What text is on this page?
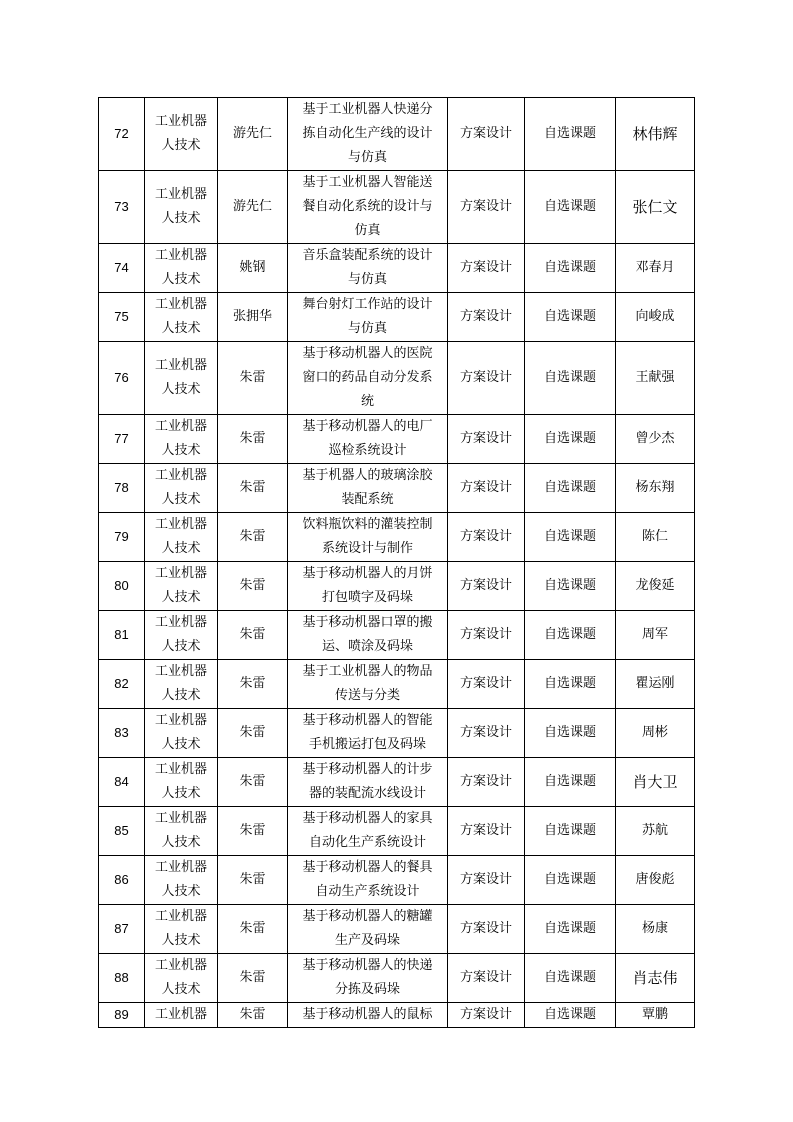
72	工业机器
人技术	游先仁	基于工业机器人快递分
拣自动化生产线的设计
与仿真	方案设计	自选课题	林伟辉

73	工业机器
人技术	游先仁	基于工业机器人智能送
餐自动化系统的设计与
仿真	方案设计	自选课题	张仁文

74	工业机器
人技术	姚钢	音乐盒装配系统的设计
与仿真	方案设计	自选课题	邓春月

75	工业机器
人技术	张拥华	舞台射灯工作站的设计
与仿真	方案设计	自选课题	向峻成

76	工业机器
人技术	朱雷	基于移动机器人的医院
窗口的药品自动分发系
统	方案设计	自选课题	王献强

77	工业机器
人技术	朱雷	基于移动机器人的电厂
巡检系统设计	方案设计	自选课题	曾少杰

78	工业机器
人技术	朱雷	基于机器人的玻璃涂胶
装配系统	方案设计	自选课题	杨东翔

79	工业机器
人技术	朱雷	饮料瓶饮料的灌装控制
系统设计与制作	方案设计	自选课题	陈仁

80	工业机器
人技术	朱雷	基于移动机器人的月饼
打包喷字及码垛	方案设计	自选课题	龙俊延

81	工业机器
人技术	朱雷	基于移动机器口罩的搬
运、喷涂及码垛	方案设计	自选课题	周军

82	工业机器
人技术	朱雷	基于工业机器人的物品
传送与分类	方案设计	自选课题	瞿运刚

83	工业机器
人技术	朱雷	基于移动机器人的智能
手机搬运打包及码垛	方案设计	自选课题	周彬

84	工业机器
人技术	朱雷	基于移动机器人的计步
器的装配流水线设计	方案设计	自选课题	肖大卫

85	工业机器
人技术	朱雷	基于移动机器人的家具
自动化生产系统设计	方案设计	自选课题	苏航

86	工业机器
人技术	朱雷	基于移动机器人的餐具
自动生产系统设计	方案设计	自选课题	唐俊彪

87	工业机器
人技术	朱雷	基于移动机器人的糖罐
生产及码垛	方案设计	自选课题	杨康

88	工业机器
人技术	朱雷	基于移动机器人的快递
分拣及码垛	方案设计	自选课题	肖志伟

89	工业机器	朱雷	基于移动机器人的鼠标	方案设计	自选课题	覃鹏
